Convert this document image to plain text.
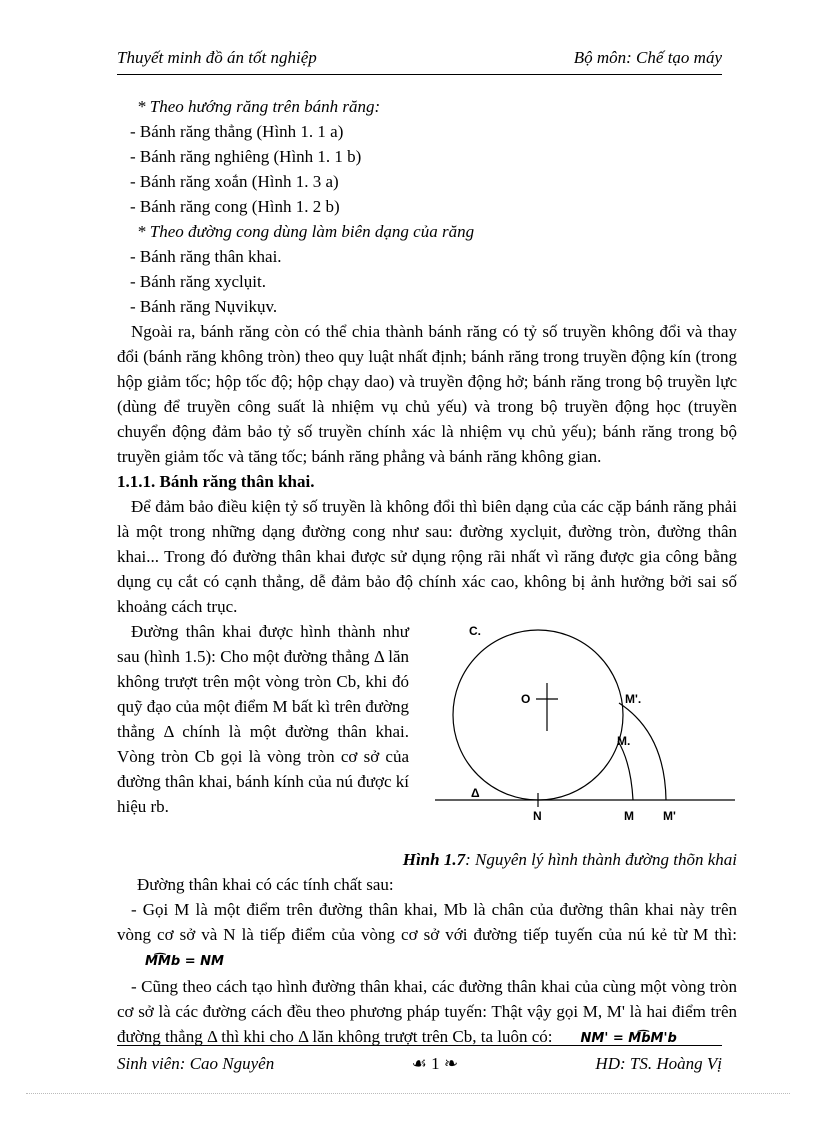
Thuyết minh đồ án tốt nghiệp	Bộ môn: Chế tạo máy

* Theo hướng răng trên bánh răng:

- Bánh răng thẳng (Hình 1. 1 a)

- Bánh răng nghiêng (Hình 1. 1 b)

- Bánh răng xoắn (Hình 1. 3 a)

- Bánh răng cong (Hình 1. 2 b)

* Theo đường cong dùng làm biên dạng của răng

- Bánh răng thân khai.

- Bánh răng xyclụit.

- Bánh răng Nụvikụv.

Ngoài ra, bánh răng còn có thể chia thành bánh răng có tỷ số truyền không đổi và thay đổi (bánh răng không tròn) theo quy luật nhất định; bánh răng trong truyền động kín (trong hộp giảm tốc; hộp tốc độ; hộp chạy dao) và truyền động hở; bánh răng trong bộ truyền lực (dùng để truyền công suất là nhiệm vụ chủ yếu) và trong bộ truyền động học (truyền chuyển động đảm bảo tỷ số truyền chính xác là nhiệm vụ chủ yếu); bánh răng trong bộ truyền giảm tốc và tăng tốc; bánh răng phẳng và bánh răng không gian.

1.1.1. Bánh răng thân khai.

Để đảm bảo điều kiện tỷ số truyền là không đổi thì biên dạng của các cặp bánh răng phải là một trong những dạng đường cong như sau: đường xyclụit, đường tròn, đường thân khai... Trong đó đường thân khai được sử dụng rộng rãi nhất vì răng được gia công bằng dụng cụ cắt có cạnh thẳng, dễ đảm bảo độ chính xác cao, không bị ảnh hưởng bởi sai số khoảng cách trục.

Đường thân khai được hình thành như sau (hình 1.5): Cho một đường thẳng Δ lăn không trượt trên một vòng tròn Cb, khi đó quỹ đạo của một điểm M bất kì trên đường thẳng Δ chính là một đường thân khai. Vòng tròn Cb gọi là vòng tròn cơ sở của đường thân khai, bánh kính của nú được kí hiệu rb.

C.
O
Δ
M'.
M.
N	M M'

Hình 1.7: Nguyên lý hình thành đường thõn khai

Đường thân khai có các tính chất sau:

- Gọi M là một điểm trên đường thân khai, Mb là chân của đường thân khai này trên vòng cơ sở và N là tiếp điểm của vòng cơ sở với đường tiếp tuyến của nú kẻ từ M thì:M͡Mb = NM

- Cũng theo cách tạo hình đường thân khai, các đường thân khai của cùng một vòng tròn cơ sở là các đường cách đều theo phương pháp tuyến: Thật vậy gọi M, M' là hai điểm trên đường thẳng Δ thì khi cho Δ lăn không trượt trên Cb, ta luôn có: NM' = M͡bM'b

Sinh viên: Cao Nguyên	☙ 1 ❧	HD: TS. Hoàng Vị
